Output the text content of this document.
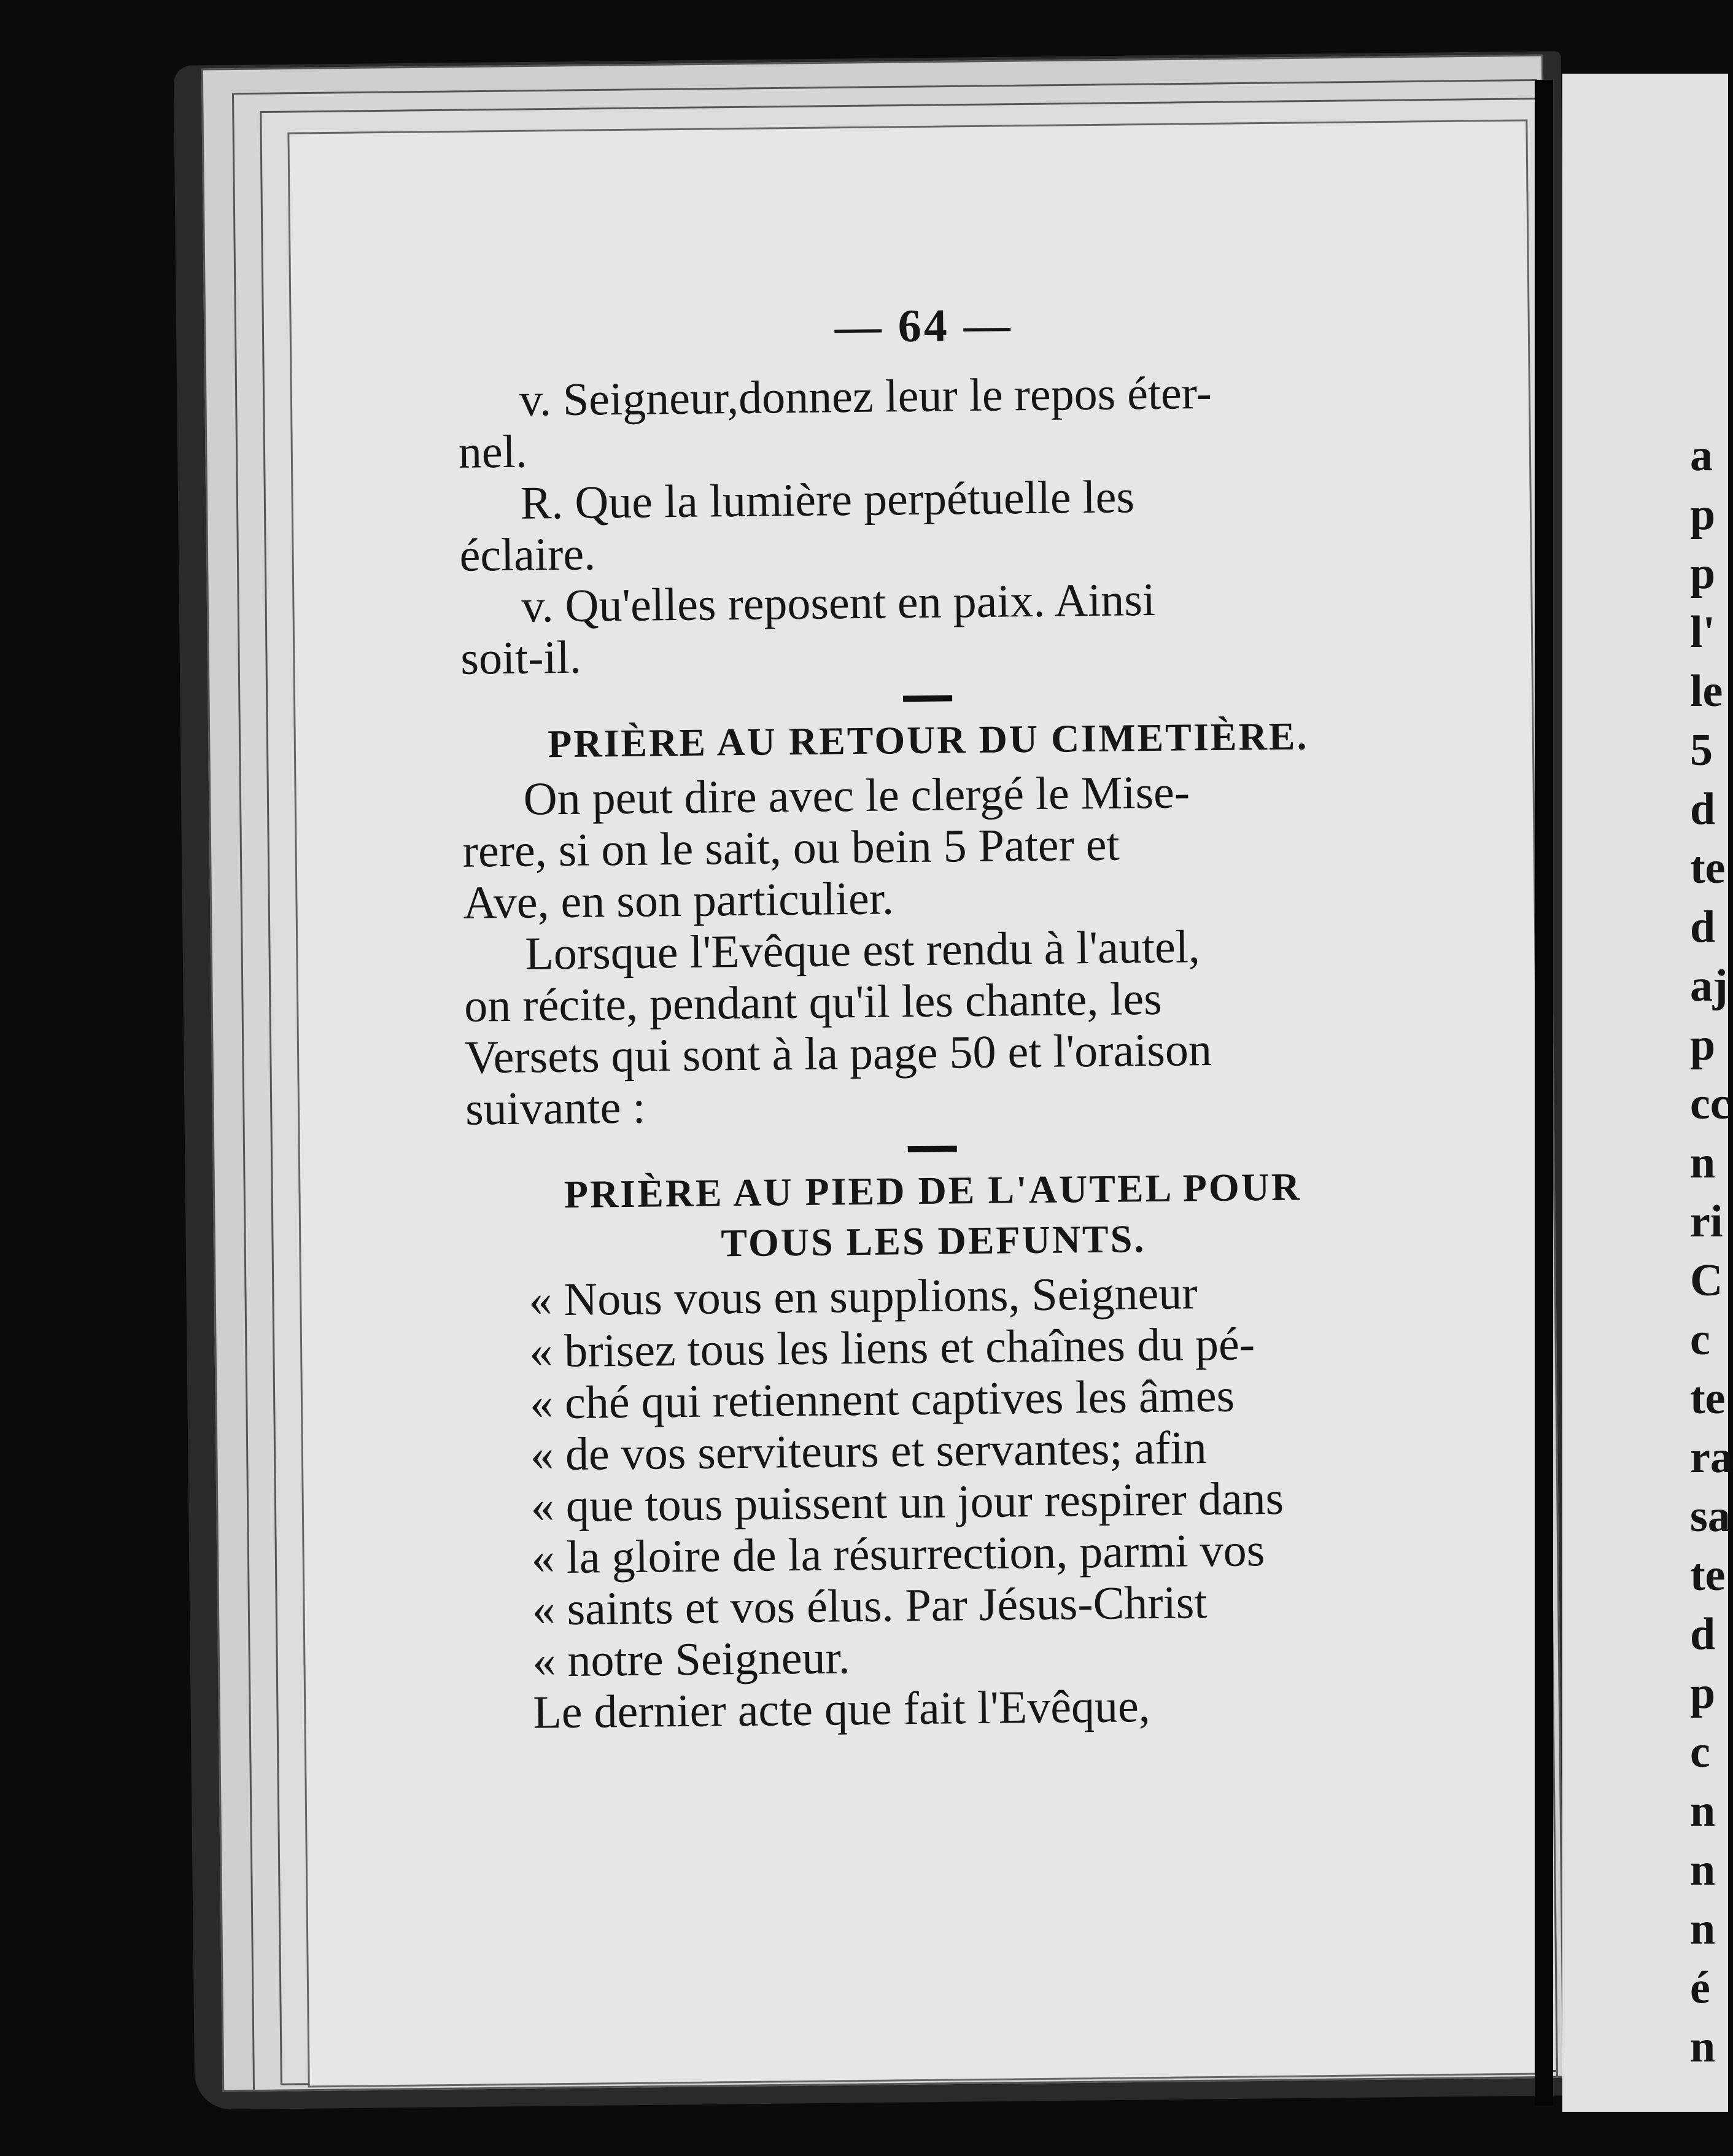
— 64 —
v. Seigneur,donnez leur le repos éter-
nel.
R. Que la lumière perpétuelle les
éclaire.
v. Qu'elles reposent en paix. Ainsi
soit-il.
PRIÈRE AU RETOUR DU CIMETIÈRE.
On peut dire avec le clergé le Mise-
rere, si on le sait, ou bein 5 Pater et
Ave, en son particulier.
Lorsque l'Evêque est rendu à l'autel,
on récite, pendant qu'il les chante, les
Versets qui sont à la page 50 et l'oraison
suivante :
PRIÈRE AU PIED DE L'AUTEL POUR
TOUS LES DEFUNTS.
« Nous vous en supplions, Seigneur
« brisez tous les liens et chaînes du pé-
« ché qui retiennent captives les âmes
« de vos serviteurs et servantes; afin
« que tous puissent un jour respirer dans
« la gloire de la résurrection, parmi vos
« saints et vos élus. Par Jésus-Christ
« notre Seigneur.
Le dernier acte que fait l'Evêque,
a
p
p
l'
le
5
d
te
d
aj
p
cc
n
ri
C
c
te
ra
sa
te
d
p
c
n
n
n
é
n
